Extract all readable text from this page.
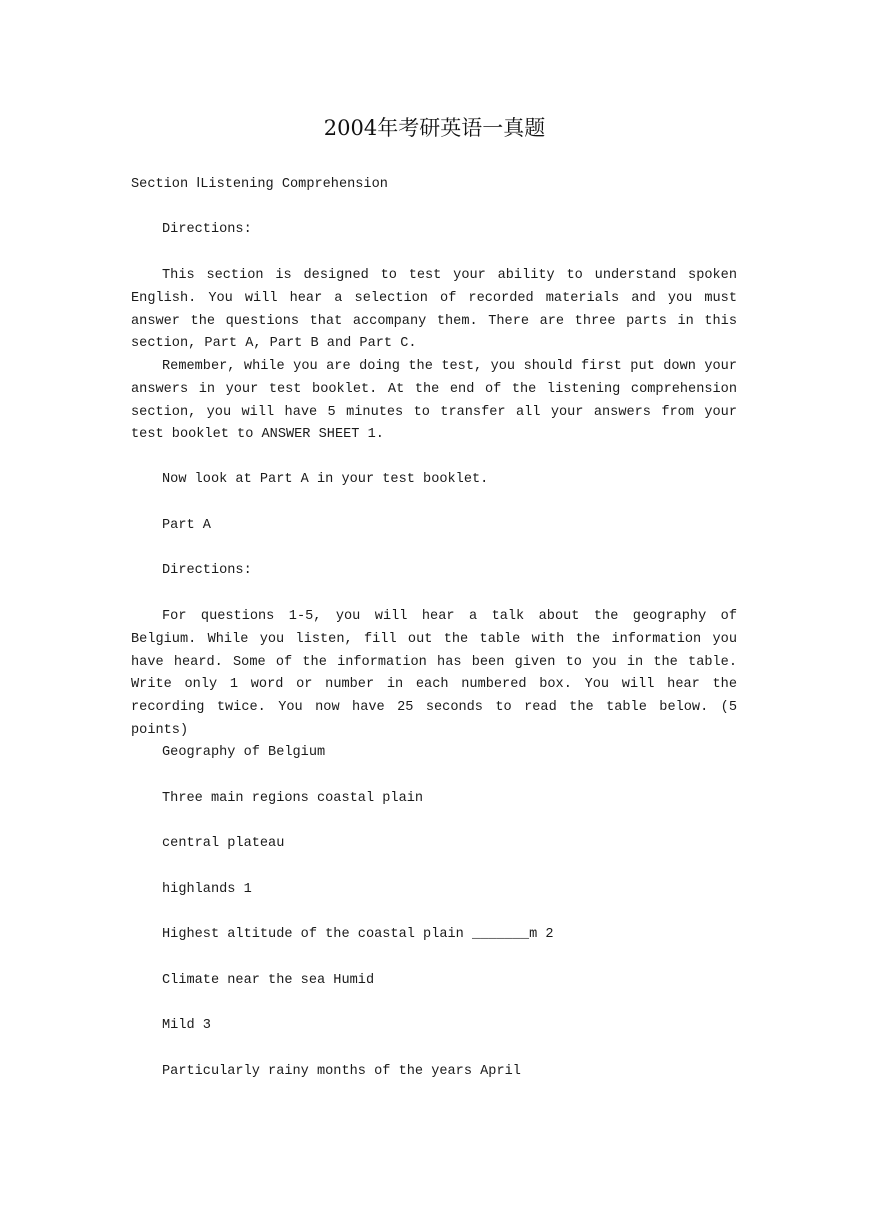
2004年考研英语一真题

Section ⅠListening Comprehension

Directions:

This section is designed to test your ability to understand spoken English. You will hear a selection of recorded materials and you must answer the questions that accompany them. There are three parts in this section, Part A, Part B and Part C.

Remember, while you are doing the test, you should first put down your answers in your test booklet. At the end of the listening comprehension section, you will have 5 minutes to transfer all your answers from your test booklet to ANSWER SHEET 1.

Now look at Part A in your test booklet.

Part A

Directions:

For questions 1-5, you will hear a talk about the geography of Belgium. While you listen, fill out the table with the information you have heard. Some of the information has been given to you in the table. Write only 1 word or number in each numbered box. You will hear the recording twice. You now have 25 seconds to read the table below. (5 points)

Geography of Belgium

Three main regions coastal plain

central plateau

highlands 1

Highest altitude of the coastal plain _______m 2

Climate near the sea Humid

Mild 3

Particularly rainy months of the years April
